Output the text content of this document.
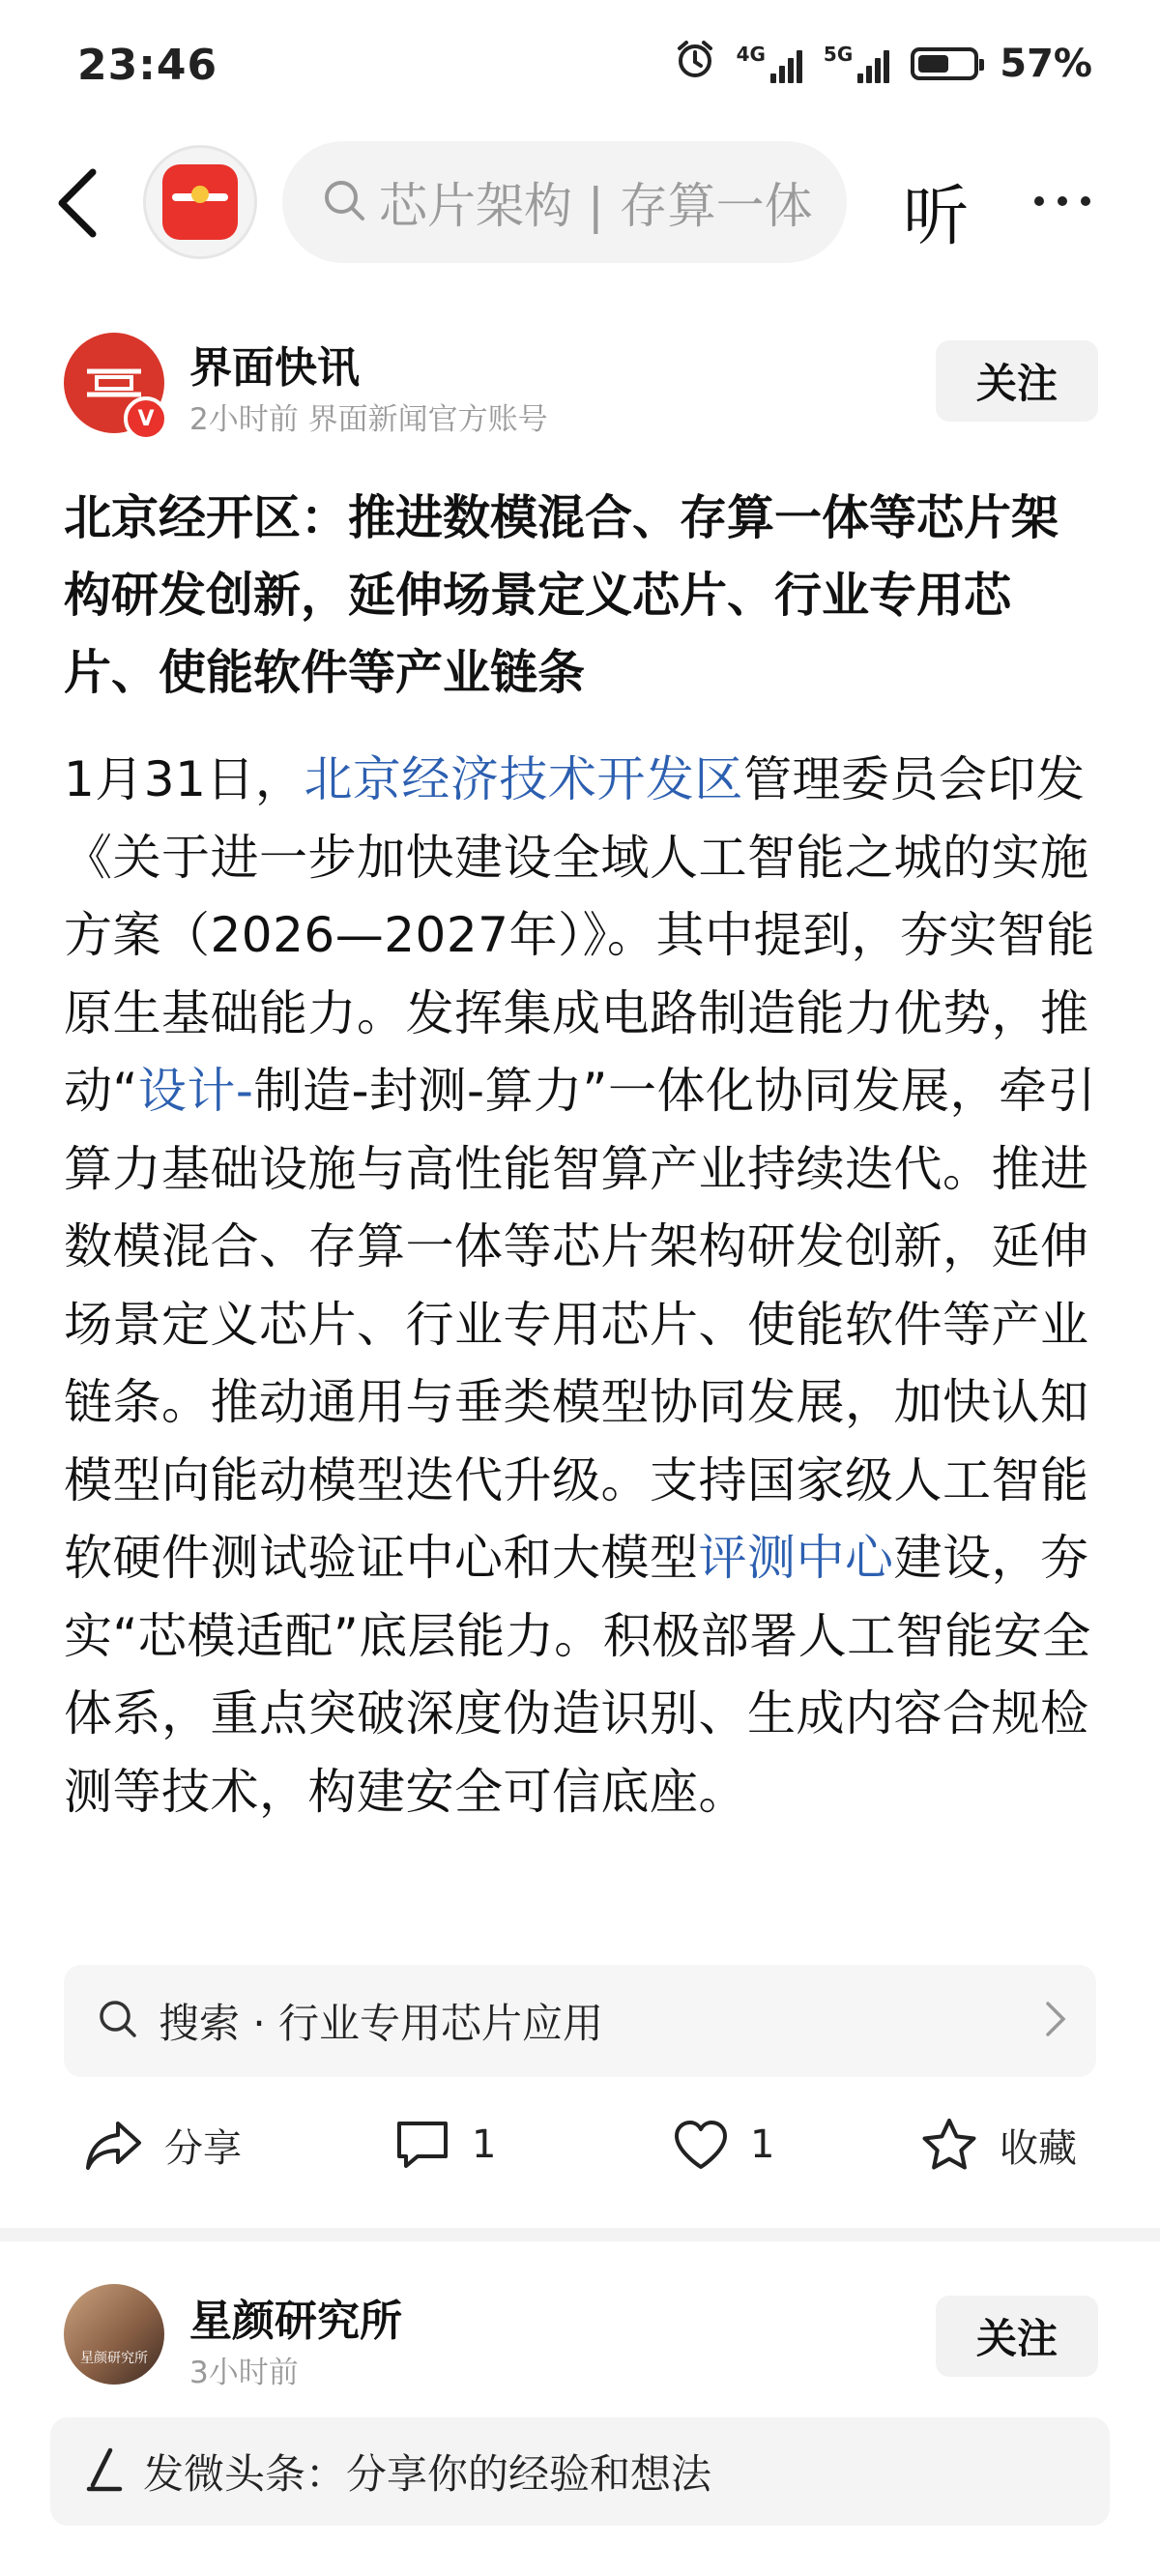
23:46	4G	5G	57%
芯片架构 | 存算一体 听
V
界面快讯
2小时前 界面新闻官方账号
关注
北京经开区：推进数模混合、存算一体等芯片架构研发创新，延伸场景定义芯片、行业专用芯片、使能软件等产业链条
1月31日，北京经济技术开发区管理委员会印发《关于进一步加快建设全域人工智能之城的实施方案（2026—2027年）》。其中提到，夯实智能原生基础能力。发挥集成电路制造能力优势，推动“设计-制造-封测-算力”一体化协同发展，牵引算力基础设施与高性能智算产业持续迭代。推进数模混合、存算一体等芯片架构研发创新，延伸场景定义芯片、行业专用芯片、使能软件等产业链条。推动通用与垂类模型协同发展，加快认知模型向能动模型迭代升级。支持国家级人工智能软硬件测试验证中心和大模型评测中心建设，夯实“芯模适配”底层能力。积极部署人工智能安全体系，重点突破深度伪造识别、生成内容合规检测等技术，构建安全可信底座。
搜索 · 行业专用芯片应用
分享	1	1	收藏
星颜研究所
星颜研究所
3小时前
关注
发微头条：分享你的经验和想法
